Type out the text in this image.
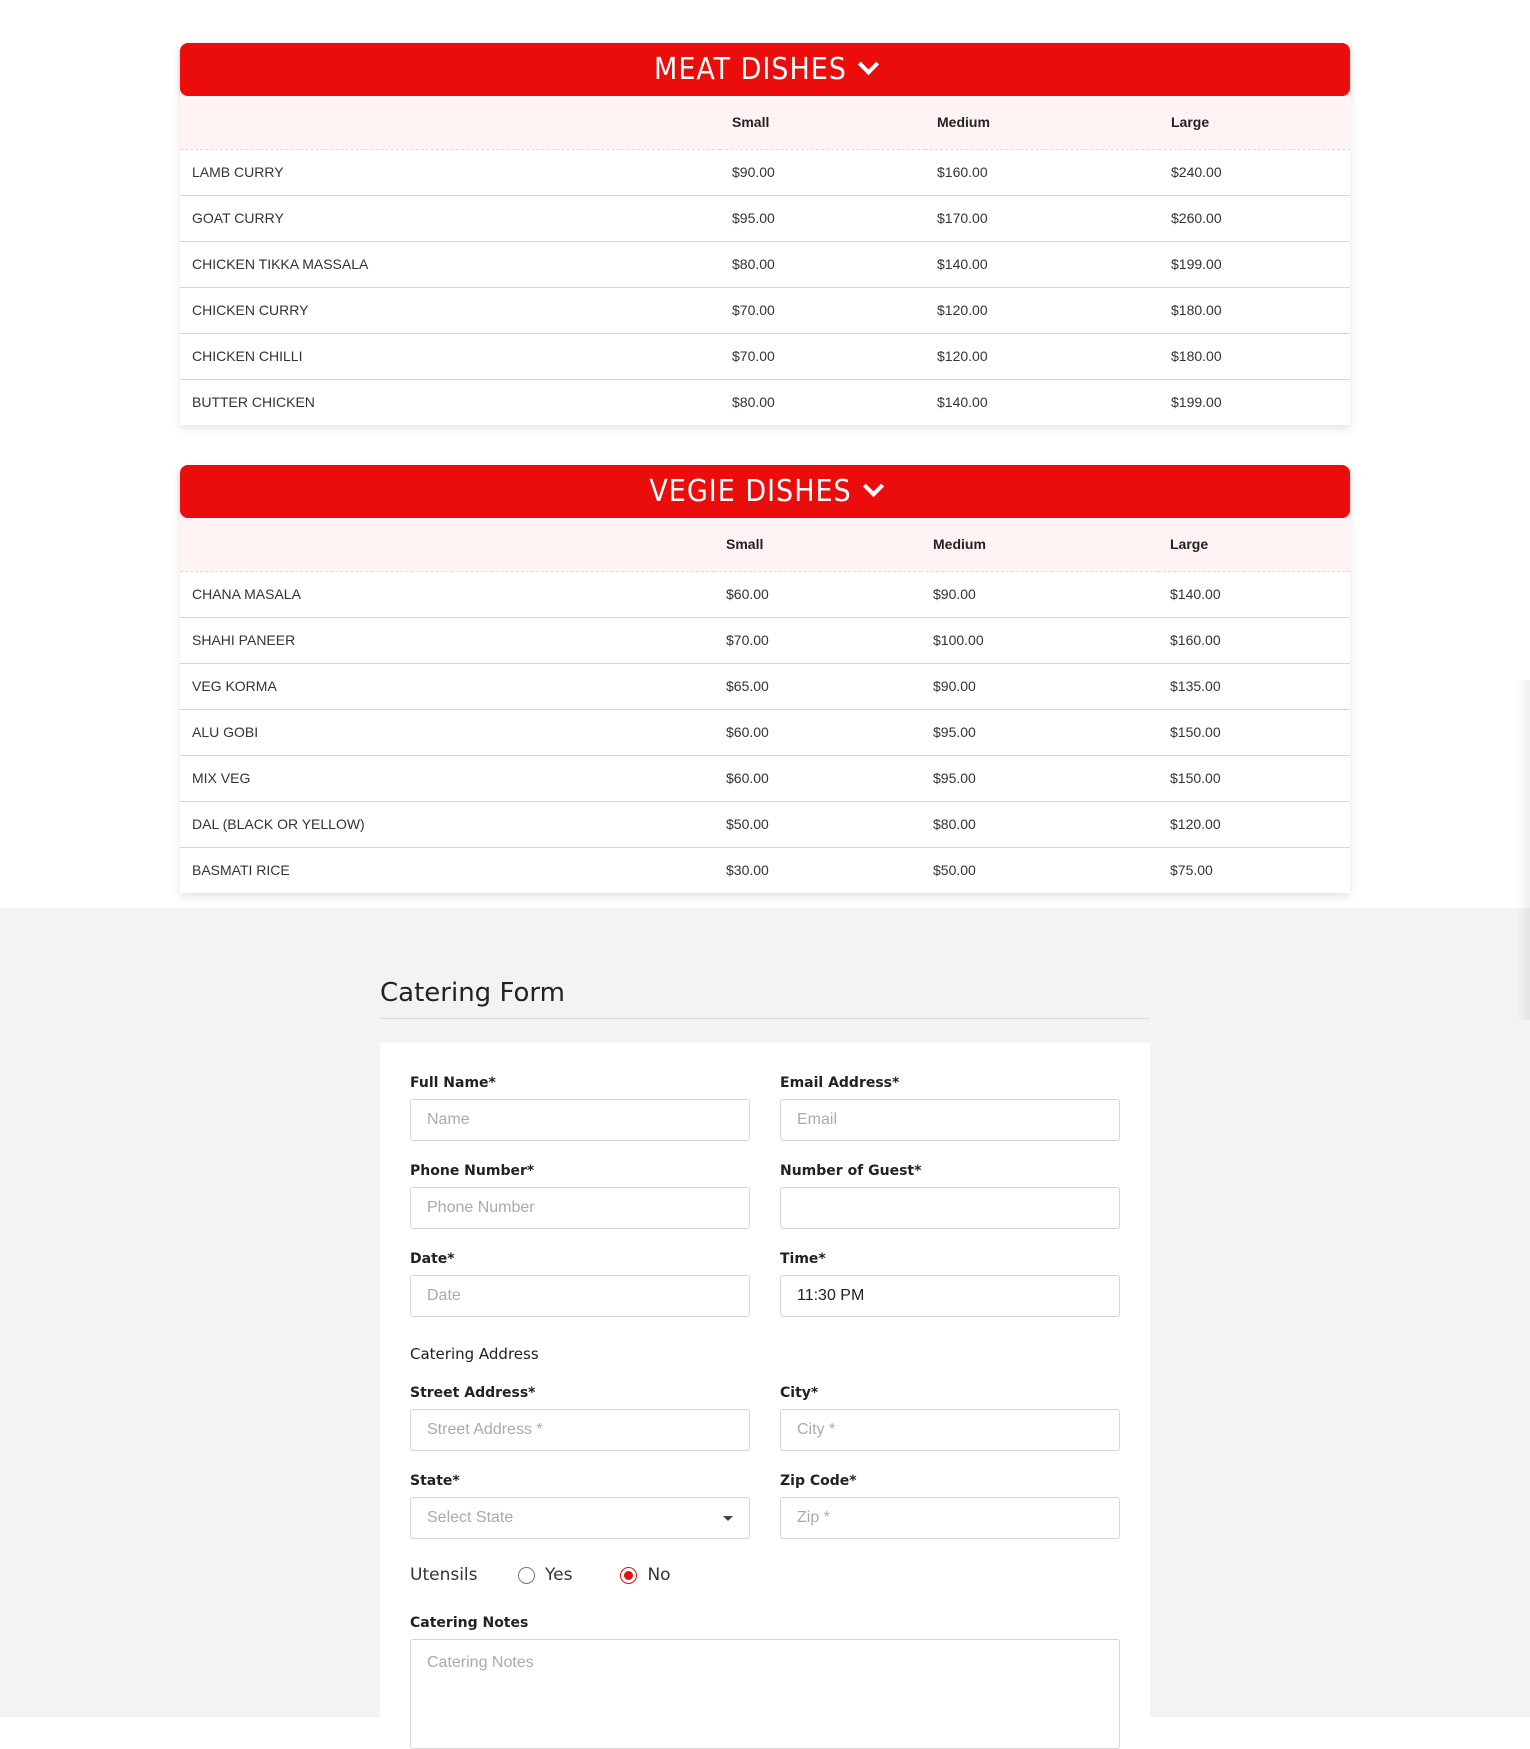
MEAT DISHES
	Small	Medium	Large
LAMB CURRY	$90.00	$160.00	$240.00
GOAT CURRY	$95.00	$170.00	$260.00
CHICKEN TIKKA MASSALA	$80.00	$140.00	$199.00
CHICKEN CURRY	$70.00	$120.00	$180.00
CHICKEN CHILLI	$70.00	$120.00	$180.00
BUTTER CHICKEN	$80.00	$140.00	$199.00
VEGIE DISHES
	Small	Medium	Large
CHANA MASALA	$60.00	$90.00	$140.00
SHAHI PANEER	$70.00	$100.00	$160.00
VEG KORMA	$65.00	$90.00	$135.00
ALU GOBI	$60.00	$95.00	$150.00
MIX VEG	$60.00	$95.00	$150.00
DAL (BLACK OR YELLOW)	$50.00	$80.00	$120.00
BASMATI RICE	$30.00	$50.00	$75.00
Catering Form
Full Name*
Name
Email Address*
Email
Phone Number*
Phone Number
Number of Guest*
Date*
Date
Time*
11:30 PM
Catering Address
Street Address*
Street Address *
City*
City *
State*
Select State
Zip Code*
Zip *
Utensils	Yes	No
Catering Notes
Catering Notes
